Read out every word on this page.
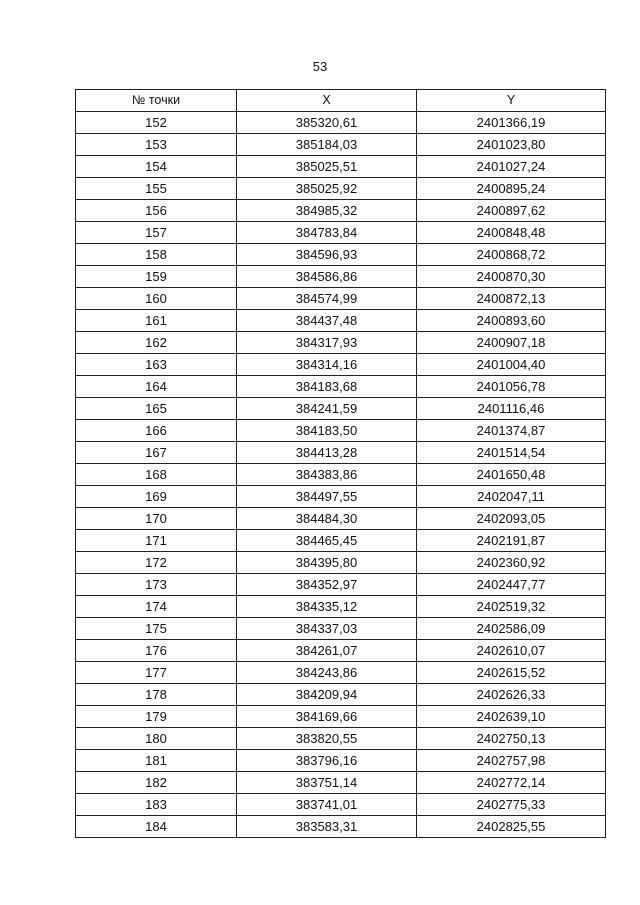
53
№ точки	X	Y
152	385320,61	2401366,19
153	385184,03	2401023,80
154	385025,51	2401027,24
155	385025,92	2400895,24
156	384985,32	2400897,62
157	384783,84	2400848,48
158	384596,93	2400868,72
159	384586,86	2400870,30
160	384574,99	2400872,13
161	384437,48	2400893,60
162	384317,93	2400907,18
163	384314,16	2401004,40
164	384183,68	2401056,78
165	384241,59	2401116,46
166	384183,50	2401374,87
167	384413,28	2401514,54
168	384383,86	2401650,48
169	384497,55	2402047,11
170	384484,30	2402093,05
171	384465,45	2402191,87
172	384395,80	2402360,92
173	384352,97	2402447,77
174	384335,12	2402519,32
175	384337,03	2402586,09
176	384261,07	2402610,07
177	384243,86	2402615,52
178	384209,94	2402626,33
179	384169,66	2402639,10
180	383820,55	2402750,13
181	383796,16	2402757,98
182	383751,14	2402772,14
183	383741,01	2402775,33
184	383583,31	2402825,55
